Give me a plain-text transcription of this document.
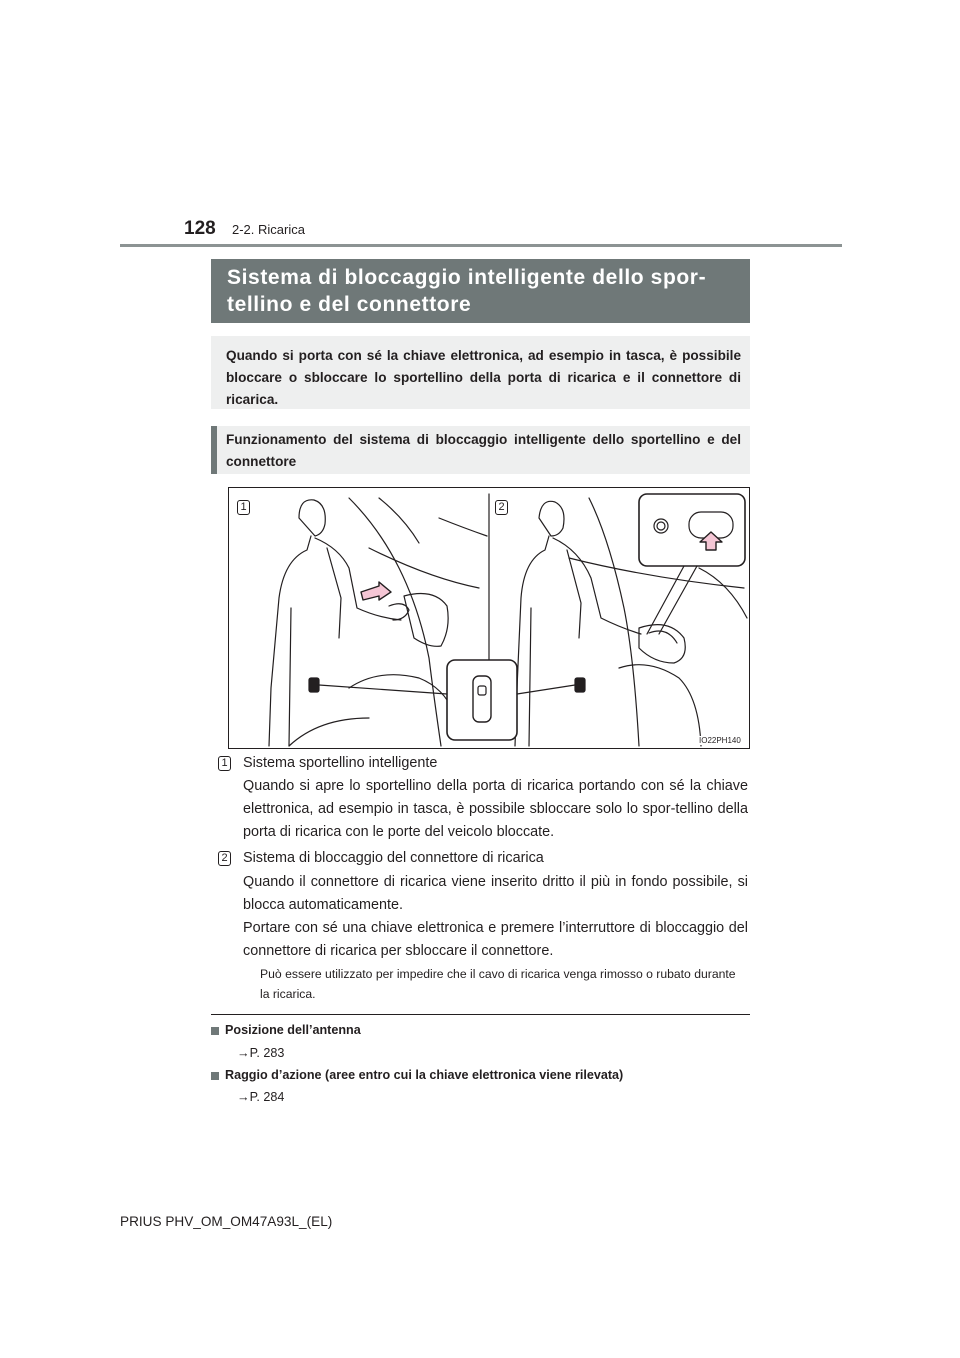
128 2-2. Ricarica
Sistema di bloccaggio intelligente dello spor-tellino e del connettore
Quando si porta con sé la chiave elettronica, ad esempio in tasca, è possibile bloccare o sbloccare lo sportellino della porta di ricarica e il connettore di ricarica.
Funzionamento del sistema di bloccaggio intelligente dello sportellino e del connettore
1	2
IO22PH140
1 Sistema sportellino intelligente
Quando si apre lo sportellino della porta di ricarica portando con sé la chiave elettronica, ad esempio in tasca, è possibile sbloccare solo lo spor-tellino della porta di ricarica con le porte del veicolo bloccate.
2 Sistema di bloccaggio del connettore di ricarica
Quando il connettore di ricarica viene inserito dritto il più in fondo possibile, si blocca automaticamente.
Portare con sé una chiave elettronica e premere l’interruttore di bloccaggio del connettore di ricarica per sbloccare il connettore.
Può essere utilizzato per impedire che il cavo di ricarica venga rimosso o rubato durante la ricarica.
Posizione dell’antenna
→P. 283
Raggio d’azione (aree entro cui la chiave elettronica viene rilevata)
→P. 284
PRIUS PHV_OM_OM47A93L_(EL)
